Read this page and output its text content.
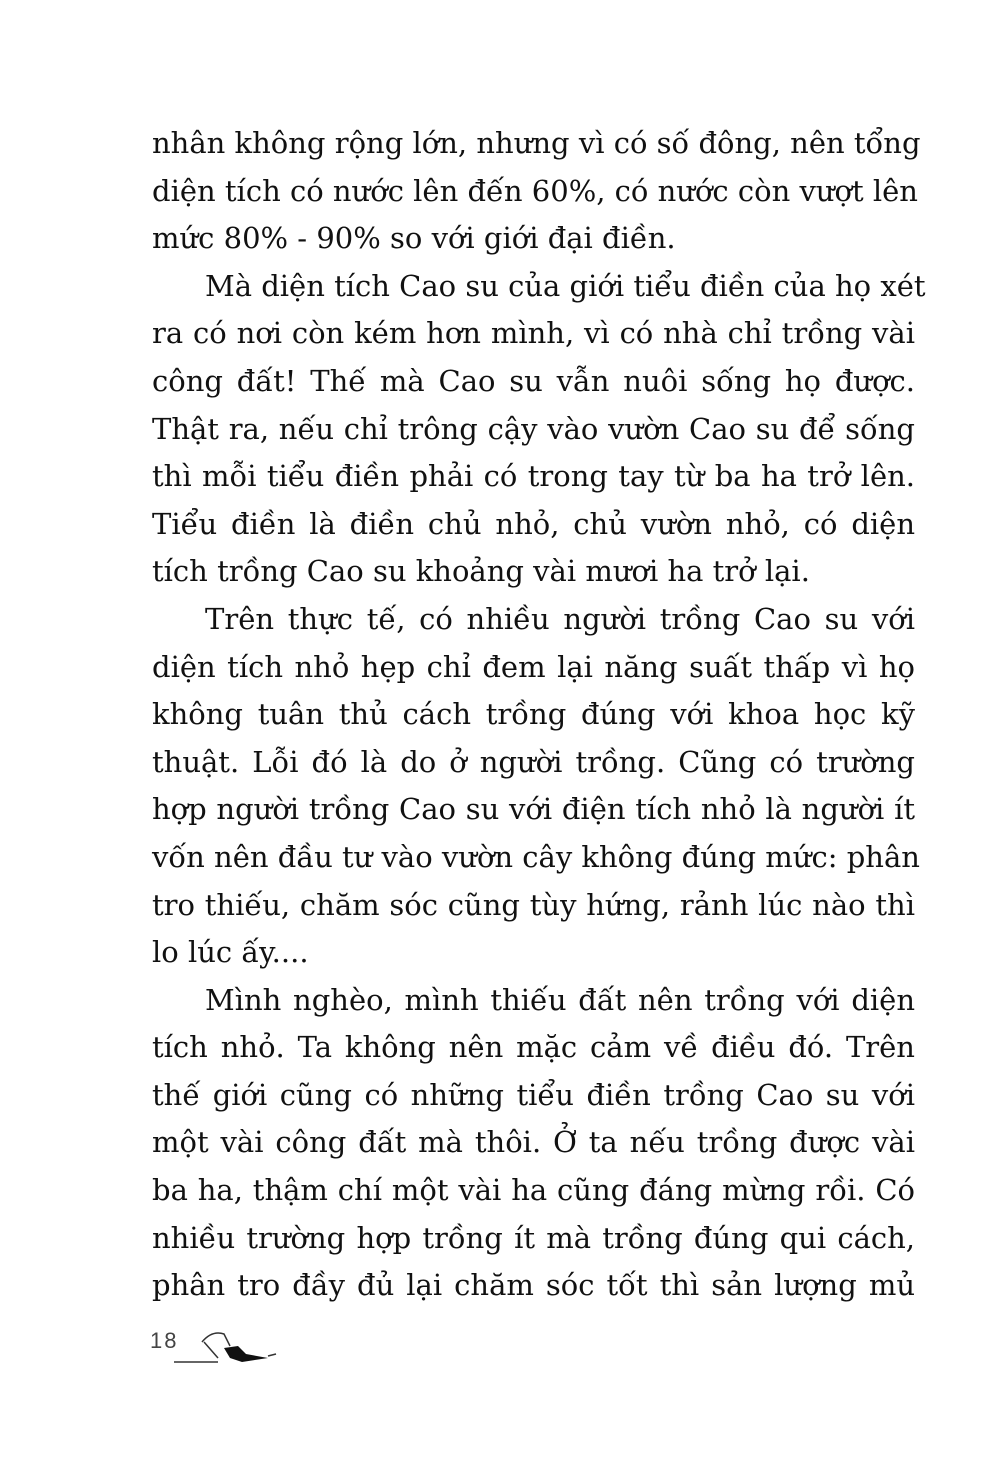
nhân không rộng lớn, nhưng vì có số đông, nên tổng
diện tích có nước lên đến 60%, có nước còn vượt lên
mức 80% - 90% so với giới đại điền.
Mà diện tích Cao su của giới tiểu điền của họ xét
ra có nơi còn kém hơn mình, vì có nhà chỉ trồng vài
công đất! Thế mà Cao su vẫn nuôi sống họ được.
Thật ra, nếu chỉ trông cậy vào vườn Cao su để sống
thì mỗi tiểu điền phải có trong tay từ ba ha trở lên.
Tiểu điền là điền chủ nhỏ, chủ vườn nhỏ, có diện
tích trồng Cao su khoảng vài mươi ha trở lại.
Trên thực tế, có nhiều người trồng Cao su với
diện tích nhỏ hẹp chỉ đem lại năng suất thấp vì họ
không tuân thủ cách trồng đúng với khoa học kỹ
thuật. Lỗi đó là do ở người trồng. Cũng có trường
hợp người trồng Cao su với điện tích nhỏ là người ít
vốn nên đầu tư vào vườn cây không đúng mức: phân
tro thiếu, chăm sóc cũng tùy hứng, rảnh lúc nào thì
lo lúc ấy....
Mình nghèo, mình thiếu đất nên trồng với diện
tích nhỏ. Ta không nên mặc cảm về điều đó. Trên
thế giới cũng có những tiểu điền trồng Cao su với
một vài công đất mà thôi. Ở ta nếu trồng được vài
ba ha, thậm chí một vài ha cũng đáng mừng rồi. Có
nhiều trường hợp trồng ít mà trồng đúng qui cách,
phân tro đầy đủ lại chăm sóc tốt thì sản lượng mủ
18
